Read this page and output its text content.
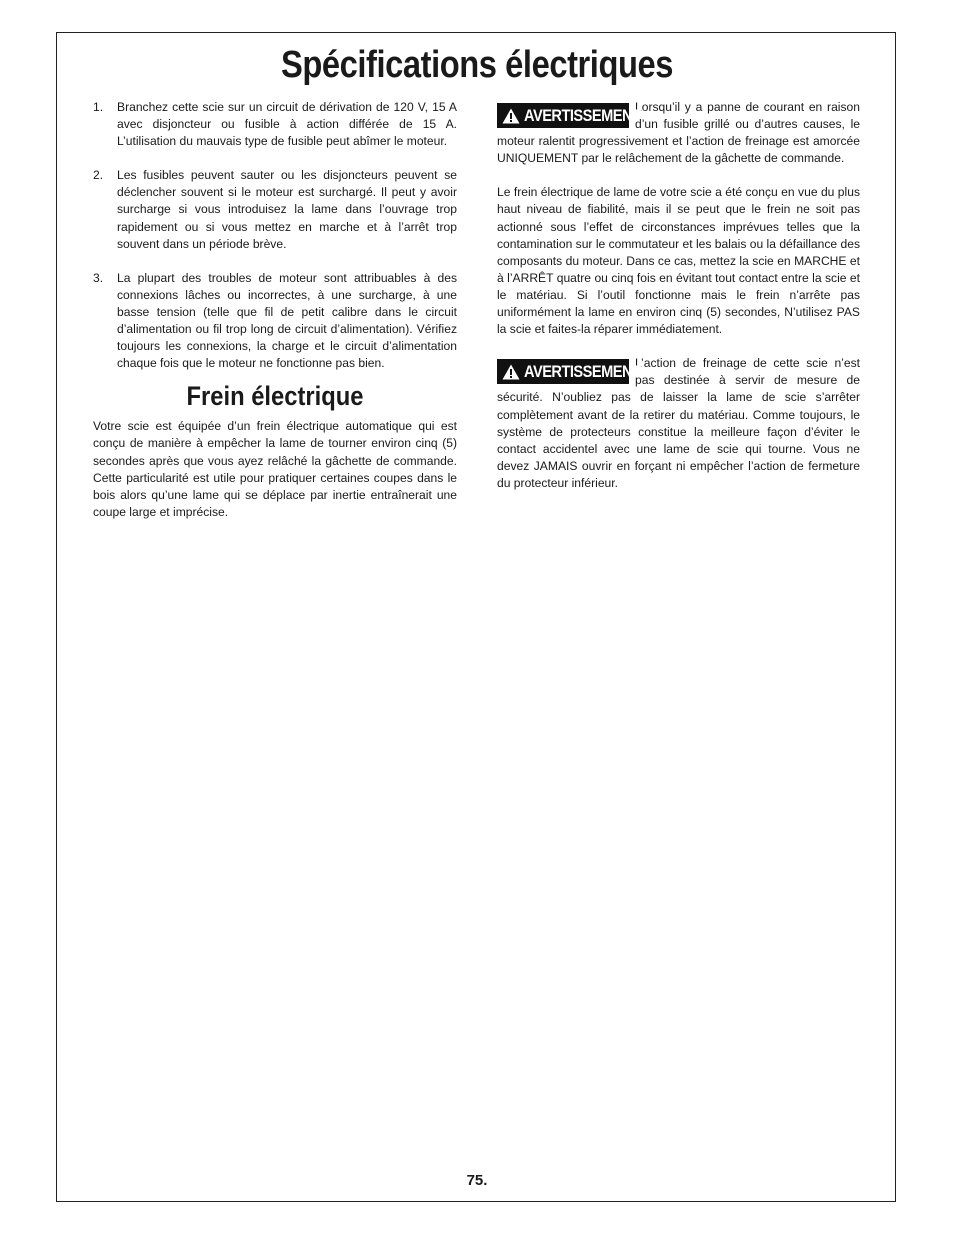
Spécifications électriques
1. Branchez cette scie sur un circuit de dérivation de 120 V, 15 A avec disjoncteur ou fusible à action différée de 15 A. L’utilisation du mauvais type de fusible peut abîmer le moteur.
2. Les fusibles peuvent sauter ou les disjoncteurs peuvent se déclencher souvent si le moteur est surchargé. Il peut y avoir surcharge si vous introduisez la lame dans l’ouvrage trop rapidement ou si vous mettez en marche et à l’arrêt trop souvent dans un période brève.
3. La plupart des troubles de moteur sont attribuables à des connexions lâches ou incorrectes, à une surcharge, à une basse tension (telle que fil de petit calibre dans le circuit d’alimentation ou fil trop long de circuit d’alimentation). Vérifiez toujours les connexions, la charge et le circuit d’alimentation chaque fois que le moteur ne fonctionne pas bien.
Frein électrique

Votre scie est équipée d’un frein électrique automatique qui est conçu de manière à empêcher la lame de tourner environ cinq (5) secondes après que vous ayez relâché la gâchette de commande. Cette particularité est utile pour pratiquer certaines coupes dans le bois alors qu’une lame qui se déplace par inertie entraînerait une coupe large et imprécise.

AVERTISSEMENT
Lorsqu’il y a panne de courant en raison d’un fusible grillé ou d’autres causes, le moteur ralentit progressivement et l’action de freinage est amorcée UNIQUEMENT par le relâchement de la gâchette de commande.

Le frein électrique de lame de votre scie a été conçu en vue du plus haut niveau de fiabilité, mais il se peut que le frein ne soit pas actionné sous l’effet de circonstances imprévues telles que la contamination sur le commutateur et les balais ou la défaillance des composants du moteur. Dans ce cas, mettez la scie en MARCHE et à l’ARRÊT quatre ou cinq fois en évitant tout contact entre la scie et le matériau. Si l’outil fonctionne mais le frein n’arrête pas uniformément la lame en environ cinq (5) secondes, N’utilisez PAS la scie et faites-la réparer immédiatement.

AVERTISSEMENT
L’action de freinage de cette scie n’est pas destinée à servir de mesure de sécurité. N’oubliez pas de laisser la lame de scie s’arrêter complètement avant de la retirer du matériau. Comme toujours, le système de protecteurs constitue la meilleure façon d’éviter le contact accidentel avec une lame de scie qui tourne. Vous ne devez JAMAIS ouvrir en forçant ni empêcher l’action de fermeture du protecteur inférieur.
75.
